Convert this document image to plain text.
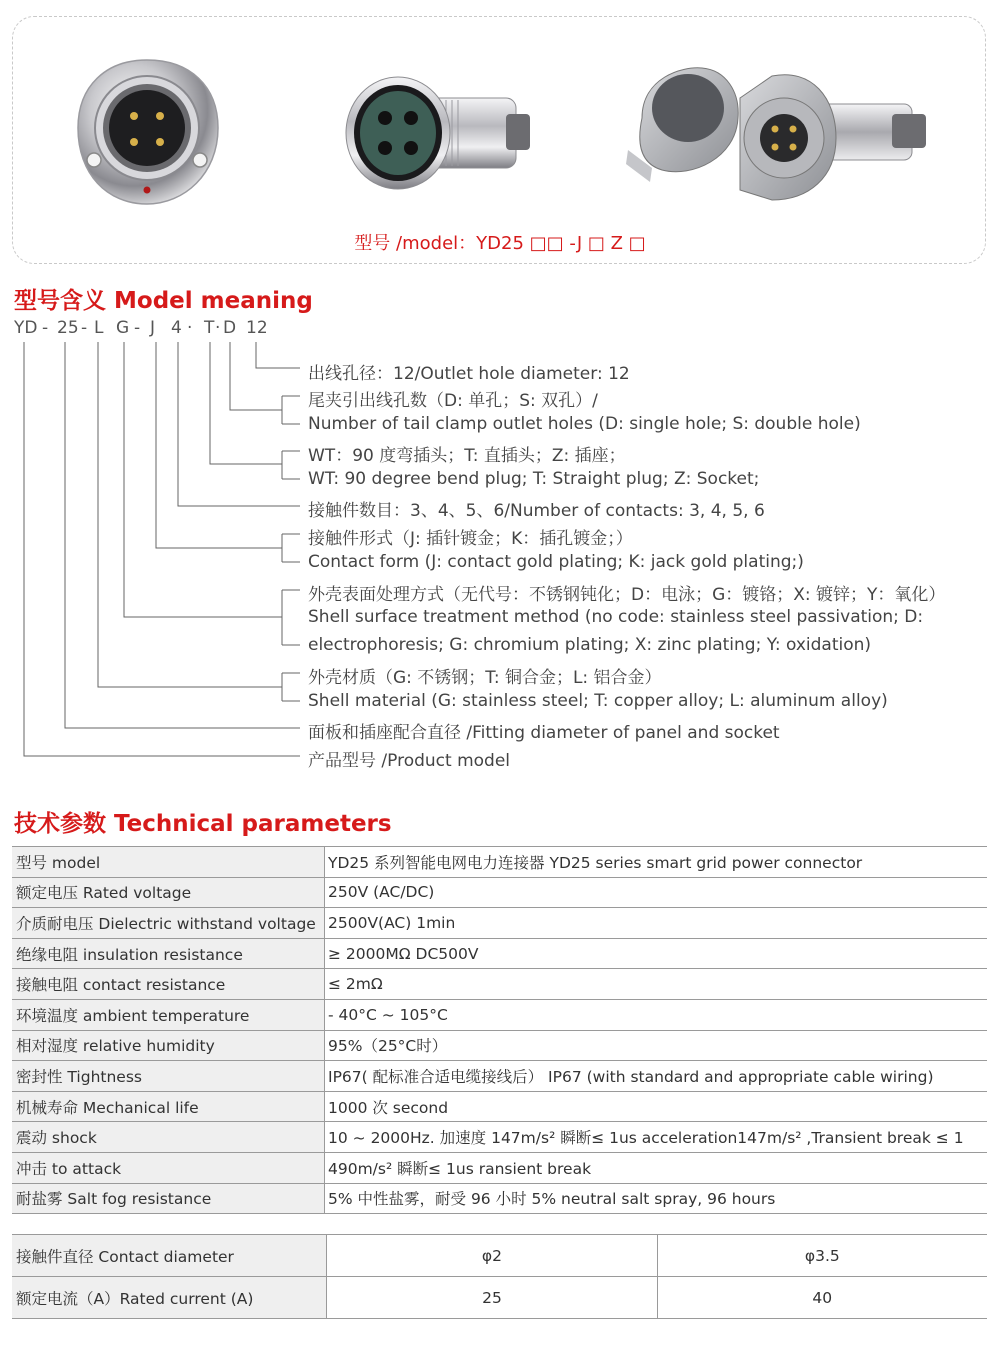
型号 /model：YD25 □□ -J □ Z □
型号含义 Model meaning
YD - 25 - L G - J 4 · T · D 12
出线孔径：12/Outlet hole diameter: 12
尾夹引出线孔数（D: 单孔；S: 双孔）/
Number of tail clamp outlet holes (D: single hole; S: double hole)
WT：90 度弯插头；T: 直插头；Z: 插座；
WT: 90 degree bend plug; T: Straight plug; Z: Socket;
接触件数目：3、4、5、6/Number of contacts: 3, 4, 5, 6
接触件形式（J: 插针镀金；K：插孔镀金；）
Contact form (J: contact gold plating; K: jack gold plating;)
外壳表面处理方式（无代号：不锈钢钝化；D：电泳；G：镀铬；X: 镀锌；Y：氧化）
Shell surface treatment method (no code: stainless steel passivation; D:
electrophoresis; G: chromium plating; X: zinc plating; Y: oxidation)
外壳材质（G: 不锈钢；T: 铜合金；L: 铝合金）
Shell material (G: stainless steel; T: copper alloy; L: aluminum alloy)
面板和插座配合直径 /Fitting diameter of panel and socket
产品型号 /Product model
技术参数 Technical parameters
型号 model	YD25 系列智能电网电力连接器 YD25 series smart grid power connector
额定电压 Rated voltage	250V (AC/DC)
介质耐电压 Dielectric withstand voltage	2500V(AC) 1min
绝缘电阻 insulation resistance	≥ 2000MΩ DC500V
接触电阻 contact resistance	≤ 2mΩ
环境温度 ambient temperature	- 40°C ~ 105°C
相对湿度 relative humidity	95%（25°C时）
密封性 Tightness	IP67( 配标准合适电缆接线后） IP67 (with standard and appropriate cable wiring)
机械寿命 Mechanical life	1000 次 second
震动 shock	10 ~ 2000Hz. 加速度 147m/s² 瞬断≤ 1us acceleration147m/s² ,Transient break ≤ 1
冲击 to attack	490m/s² 瞬断≤ 1us ransient break
耐盐雾 Salt fog resistance	5% 中性盐雾，耐受 96 小时 5% neutral salt spray, 96 hours
接触件直径 Contact diameter	φ2	φ3.5
额定电流（A）Rated current (A)	25	40
